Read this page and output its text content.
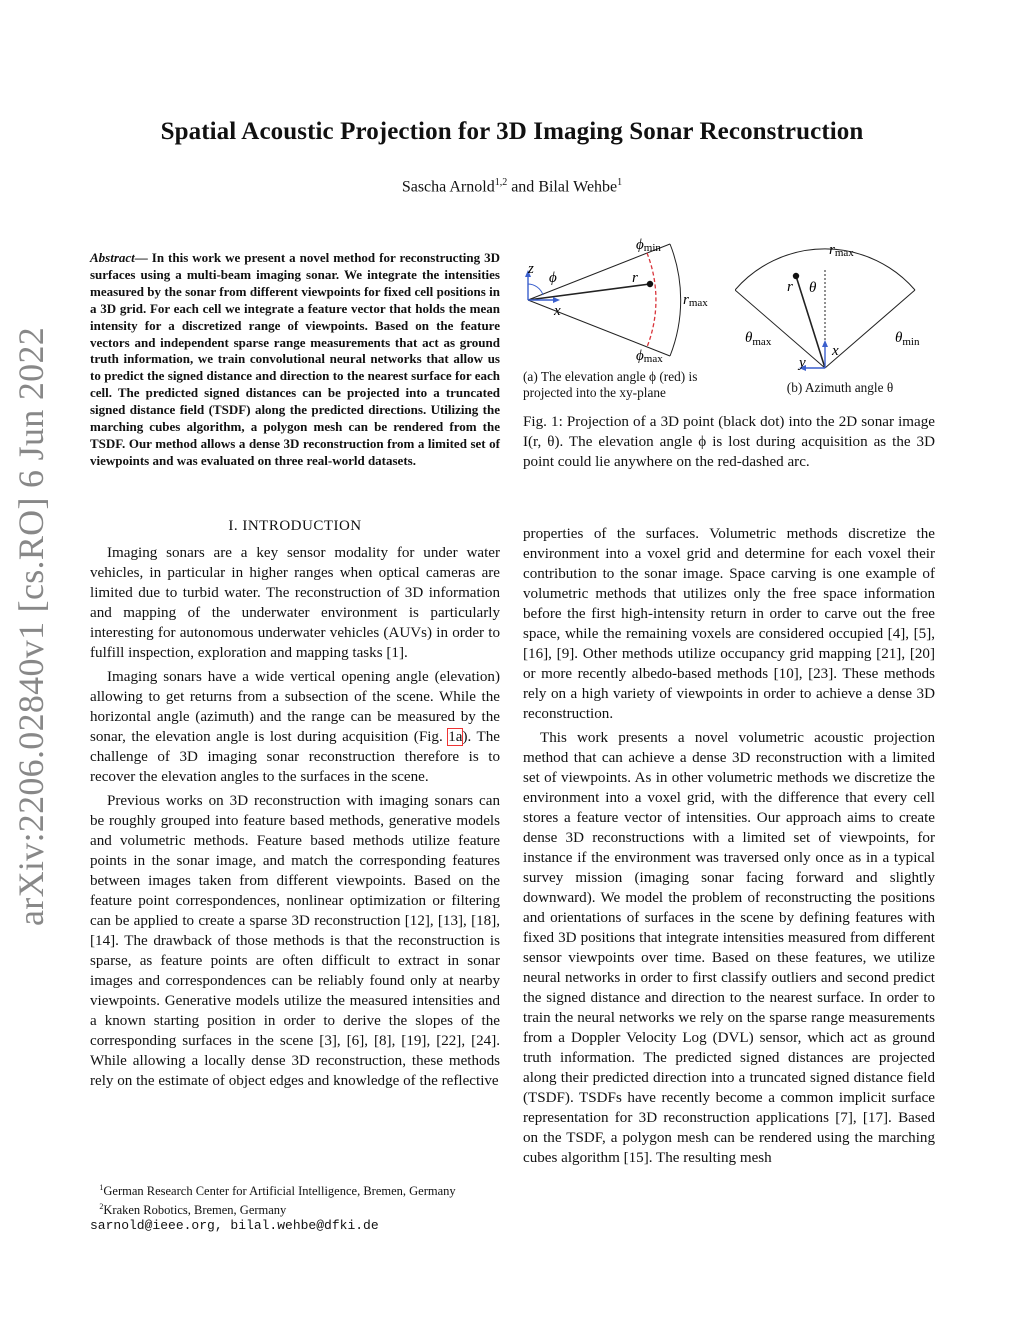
arXiv:2206.02840v1 [cs.RO] 6 Jun 2022
Spatial Acoustic Projection for 3D Imaging Sonar Reconstruction
Sascha Arnold$^{1,2}$ and Bilal Wehbe$^1$
Abstract— In this work we present a novel method for reconstructing 3D surfaces using a multi-beam imaging sonar. We integrate the intensities measured by the sonar from different viewpoints for fixed cell positions in a 3D grid. For each cell we integrate a feature vector that holds the mean intensity for a discretized range of viewpoints. Based on the feature vectors and independent sparse range measurements that act as ground truth information, we train convolutional neural networks that allow us to predict the signed distance and direction to the nearest surface for each cell. The predicted signed distances can be projected into a truncated signed distance field (TSDF) along the predicted directions. Utilizing the marching cubes algorithm, a polygon mesh can be rendered from the TSDF. Our method allows a dense 3D reconstruction from a limited set of viewpoints and was evaluated on three real-world datasets.
I. INTRODUCTION

Imaging sonars are a key sensor modality for under water vehicles, in particular in higher ranges when optical cameras are limited due to turbid water. The reconstruction of 3D information and mapping of the underwater environment is particularly interesting for autonomous underwater vehicles (AUVs) in order to fulfill inspection, exploration and mapping tasks [1].

Imaging sonars have a wide vertical opening angle (elevation) allowing to get returns from a subsection of the scene. While the horizontal angle (azimuth) and the range can be measured by the sonar, the elevation angle is lost during acquisition (Fig. 1a). The challenge of 3D imaging sonar reconstruction therefore is to recover the elevation angles to the surfaces in the scene.

Previous works on 3D reconstruction with imaging sonars can be roughly grouped into feature based methods, generative models and volumetric methods. Feature based methods utilize feature points in the sonar image, and match the corresponding features between images taken from different viewpoints. Based on the feature point correspondences, nonlinear optimization or filtering can be applied to create a sparse 3D reconstruction [12], [13], [18], [14]. The drawback of those methods is that the reconstruction is sparse, as feature points are often difficult to extract in sonar images and correspondences can be reliably found only at nearby viewpoints. Generative models utilize the measured intensities and a known starting position in order to derive the slopes of the corresponding surfaces in the scene [3], [6], [8], [19], [22], [24]. While allowing a locally dense 3D reconstruction, these methods rely on the estimate of object edges and knowledge of the reflective

$^1$German Research Center for Artificial Intelligence, Bremen, Germany
$^2$Kraken Robotics, Bremen, Germany
sarnold@ieee.org, bilal.wehbe@dfki.de
z
ϕ
x
r
ϕmin
ϕmax
rmax
(a) The elevation angle ϕ (red) is projected into the xy-plane
rmax
r θ
$\theta_{max}$	$\theta_{min}$
x
y
(b) Azimuth angle θ
Fig. 1: Projection of a 3D point (black dot) into the 2D sonar image I(r, θ). The elevation angle ϕ is lost during acquisition as the 3D point could lie anywhere on the red-dashed arc.

properties of the surfaces. Volumetric methods discretize the environment into a voxel grid and determine for each voxel their contribution to the sonar image. Space carving is one example of volumetric methods that utilizes only the free space information before the first high-intensity return in order to carve out the free space, while the remaining voxels are considered occupied [4], [5], [16], [9]. Other methods utilize occupancy grid mapping [21], [20] or more recently albedo-based methods [10], [23]. These methods rely on a high variety of viewpoints in order to achieve a dense 3D reconstruction.

This work presents a novel volumetric acoustic projection method that can achieve a dense 3D reconstruction with a limited set of viewpoints. As in other volumetric methods we discretize the environment into a voxel grid, with the difference that every cell stores a feature vector of intensities. Our approach aims to create dense 3D reconstructions with a limited set of viewpoints, for instance if the environment was traversed only once as in a typical survey mission (imaging sonar facing forward and slightly downward). We model the problem of reconstructing the positions and orientations of surfaces in the scene by defining features with fixed 3D positions that integrate intensities measured from different sensor viewpoints over time. Based on these features, we utilize neural networks in order to first classify outliers and second predict the signed distance and direction to the nearest surface. In order to train the neural networks we rely on the sparse range measurements from a Doppler Velocity Log (DVL) sensor, which act as ground truth information. The predicted signed distances are projected along their predicted direction into a truncated signed distance field (TSDF). TSDFs have recently become a common implicit surface representation for 3D reconstruction applications [7], [17]. Based on the TSDF, a polygon mesh can be rendered using the marching cubes algorithm [15]. The resulting mesh
